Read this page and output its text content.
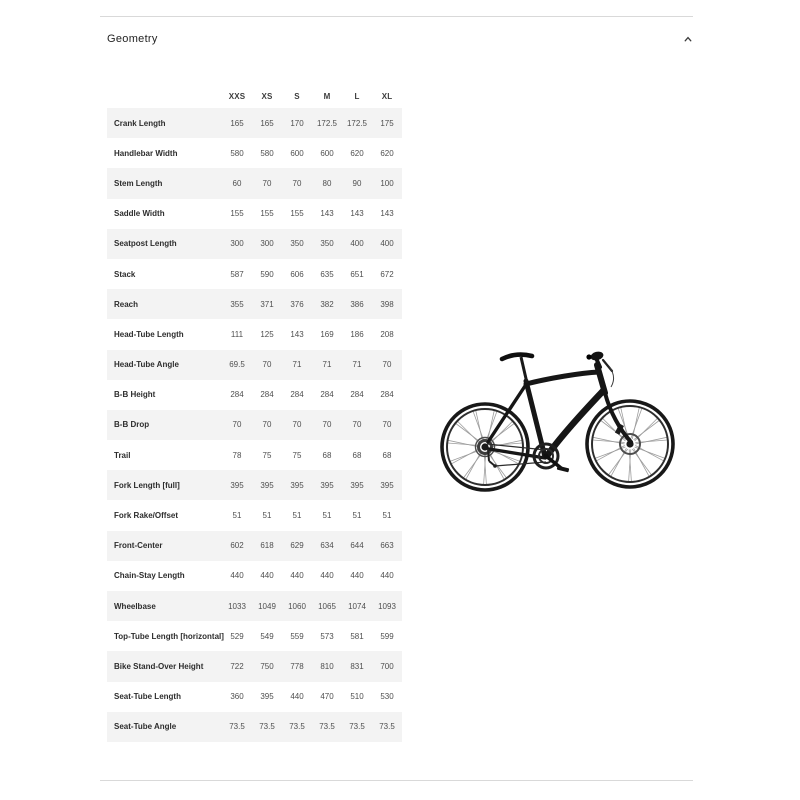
Geometry
XXS	XS	S	M	L	XL
Crank Length	165	165	170	172.5	172.5	175
Handlebar Width	580	580	600	600	620	620
Stem Length	60	70	70	80	90	100
Saddle Width	155	155	155	143	143	143
Seatpost Length	300	300	350	350	400	400
Stack	587	590	606	635	651	672
Reach	355	371	376	382	386	398
Head-Tube Length	111	125	143	169	186	208
Head-Tube Angle	69.5	70	71	71	71	70
B-B Height	284	284	284	284	284	284
B-B Drop	70	70	70	70	70	70
Trail	78	75	75	68	68	68
Fork Length [full]	395	395	395	395	395	395
Fork Rake/Offset	51	51	51	51	51	51
Front-Center	602	618	629	634	644	663
Chain-Stay Length	440	440	440	440	440	440
Wheelbase	1033	1049	1060	1065	1074	1093
Top-Tube Length [horizontal] 529	549	559	573	581	599
Bike Stand-Over Height	722	750	778	810	831	700
Seat-Tube Length	360	395	440	470	510	530
Seat-Tube Angle	73.5	73.5	73.5	73.5	73.5	73.5
